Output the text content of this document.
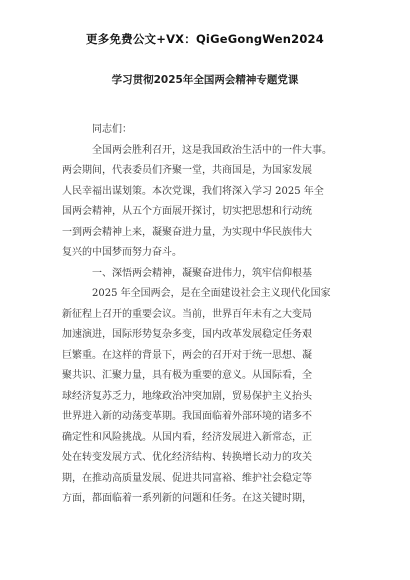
更多免费公文+VX：QiGeGongWen2024
学习贯彻2025年全国两会精神专题党课
同志们：
全国两会胜利召开，这是我国政治生活中的一件大事。
两会期间，代表委员们齐聚一堂，共商国是，为国家发展
人民幸福出谋划策。本次党课，我们将深入学习 2025 年全
国两会精神，从五个方面展开探讨，切实把思想和行动统
一到两会精神上来，凝聚奋进力量，为实现中华民族伟大
复兴的中国梦而努力奋斗。
一、深悟两会精神，凝聚奋进伟力，筑牢信仰根基
2025 年全国两会，是在全面建设社会主义现代化国家
新征程上召开的重要会议。当前，世界百年未有之大变局
加速演进，国际形势复杂多变，国内改革发展稳定任务艰
巨繁重。在这样的背景下，两会的召开对于统一思想、凝
聚共识、汇聚力量，具有极为重要的意义。从国际看，全
球经济复苏乏力，地缘政治冲突加剧，贸易保护主义抬头
世界进入新的动荡变革期。我国面临着外部环境的诸多不
确定性和风险挑战。从国内看，经济发展进入新常态，正
处在转变发展方式、优化经济结构、转换增长动力的攻关
期，在推动高质量发展、促进共同富裕、维护社会稳定等
方面，都面临着一系列新的问题和任务。在这关键时期，
